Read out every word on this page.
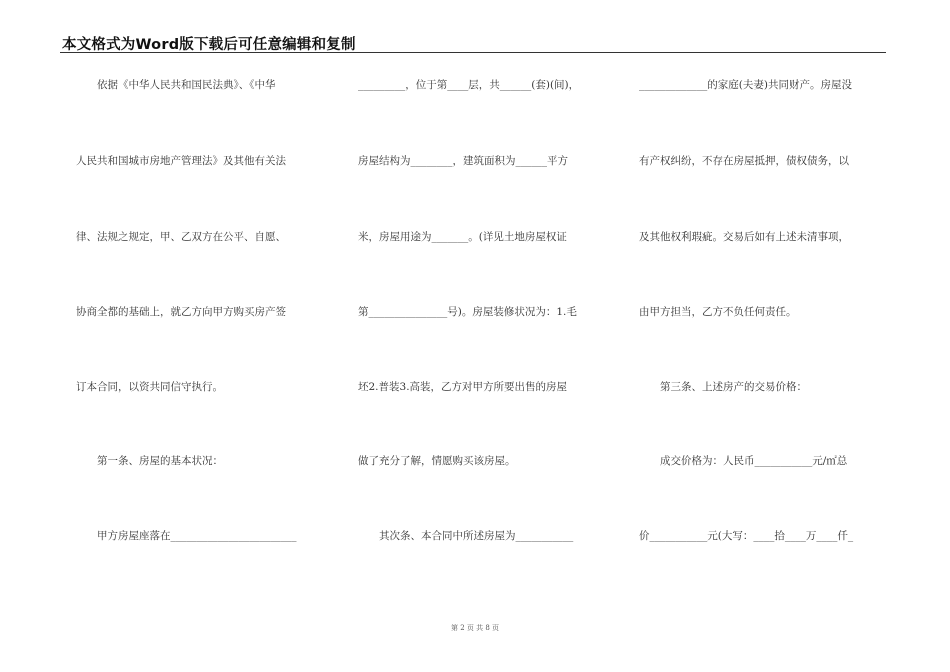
本文格式为Word版下载后可任意编辑和复制
　　依据《中华人民共和国民法典》、《中华
人民共和国城市房地产管理法》及其他有关法
律、法规之规定，甲、乙双方在公平、自愿、
协商全都的基础上，就乙方向甲方购买房产签
订本合同，以资共同信守执行。
　　第一条、房屋的基本状况：
　　甲方房屋座落在________________________
_________，位于第____层，共______(套)(间)，
房屋结构为________，建筑面积为______平方
米，房屋用途为_______。(详见土地房屋权证
第_______________号)。房屋装修状况为：1.毛
坯2.普装3.高装，乙方对甲方所要出售的房屋
做了充分了解，情愿购买该房屋。
　　其次条、本合同中所述房屋为___________
_____________的家庭(夫妻)共同财产。房屋没
有产权纠纷，不存在房屋抵押，债权债务，以
及其他权利瑕疵。交易后如有上述未清事项，
由甲方担当，乙方不负任何责任。
　　第三条、上述房产的交易价格：
　　成交价格为：人民币___________元/㎡总
价___________元(大写：____拾____万____仟_
第 2 页 共 8 页
